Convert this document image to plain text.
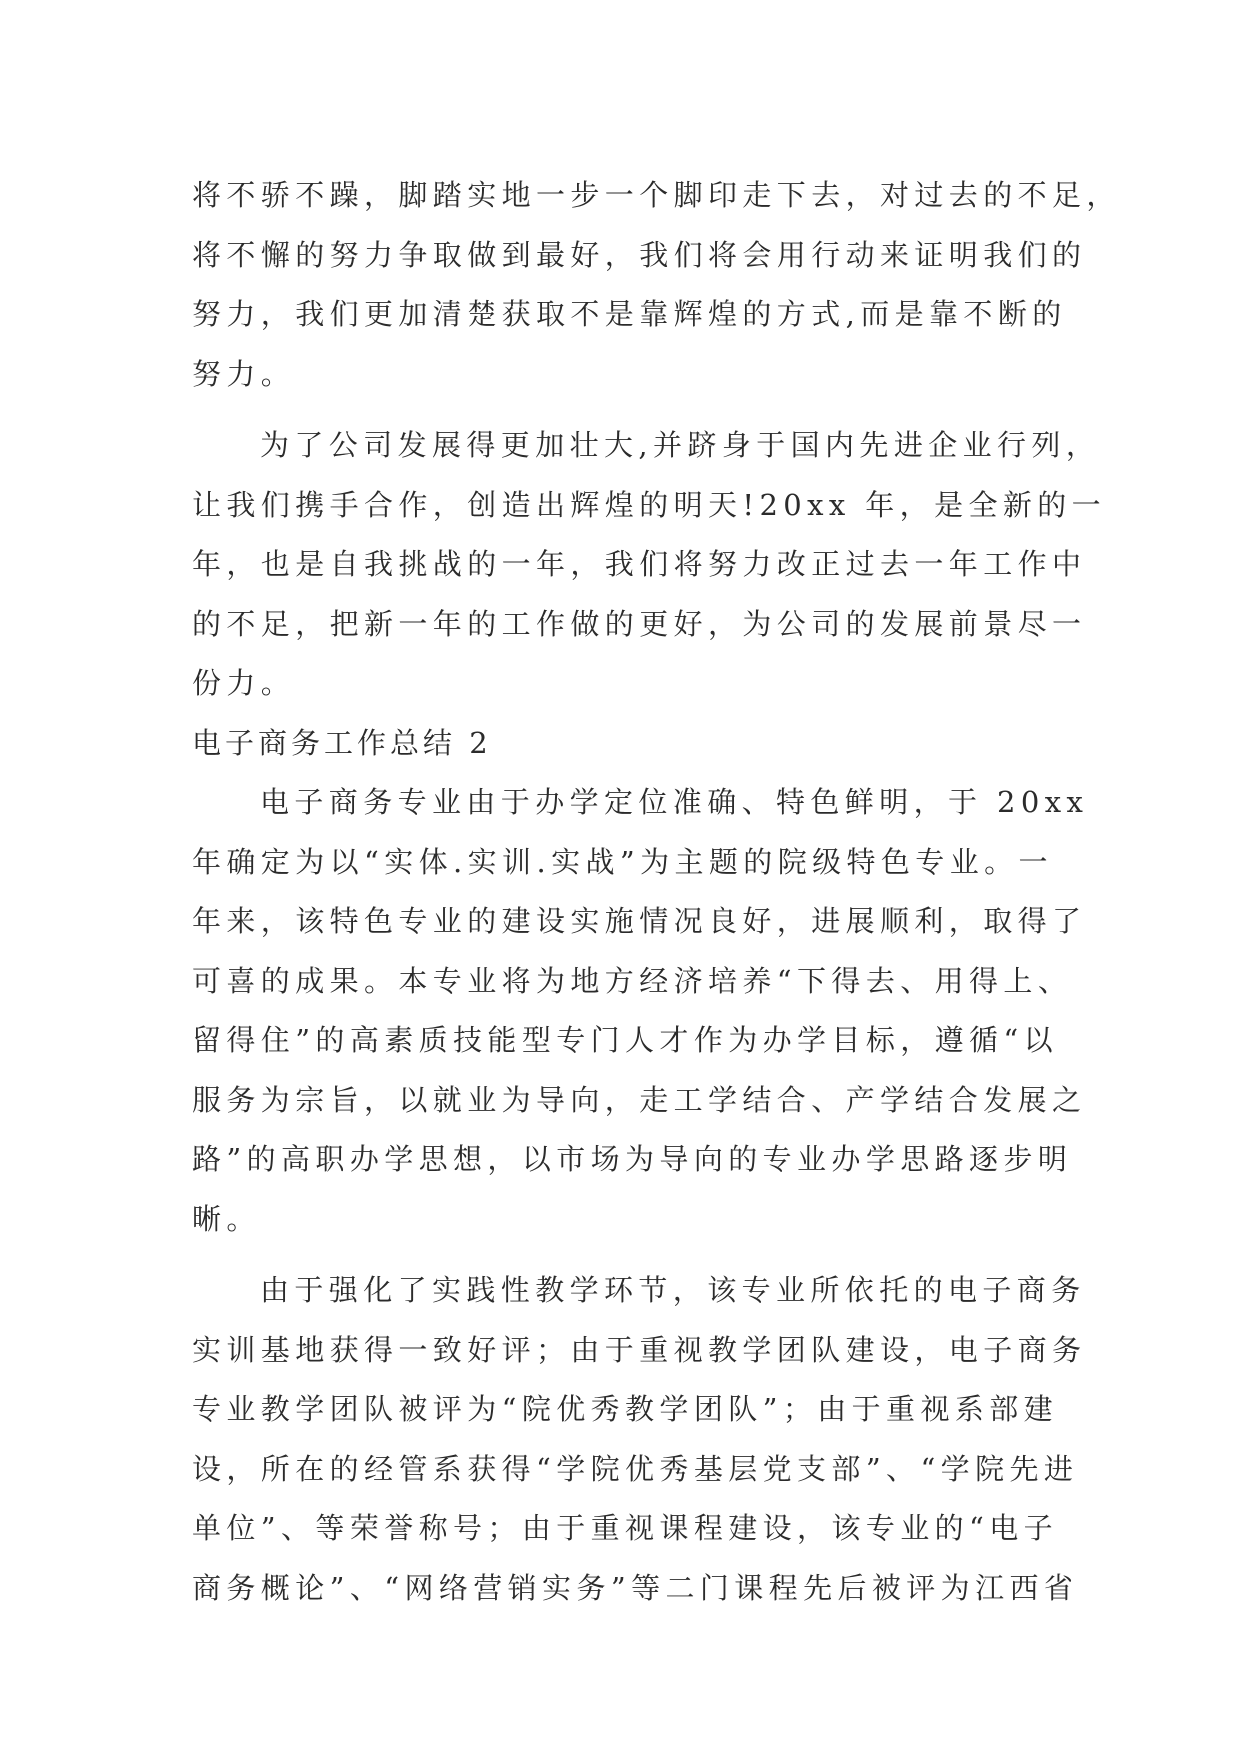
将不骄不躁，脚踏实地一步一个脚印走下去，对过去的不足，
将不懈的努力争取做到最好，我们将会用行动来证明我们的
努力，我们更加清楚获取不是靠辉煌的方式,而是靠不断的
努力。
为了公司发展得更加壮大,并跻身于国内先进企业行列，
让我们携手合作，创造出辉煌的明天!20xx 年，是全新的一
年，也是自我挑战的一年，我们将努力改正过去一年工作中
的不足，把新一年的工作做的更好，为公司的发展前景尽一
份力。
电子商务工作总结 2
电子商务专业由于办学定位准确、特色鲜明，于 20xx
年确定为以“实体.实训.实战”为主题的院级特色专业。一
年来，该特色专业的建设实施情况良好，进展顺利，取得了
可喜的成果。本专业将为地方经济培养“下得去、用得上、
留得住”的高素质技能型专门人才作为办学目标，遵循“以
服务为宗旨，以就业为导向，走工学结合、产学结合发展之
路”的高职办学思想，以市场为导向的专业办学思路逐步明
晰。
由于强化了实践性教学环节，该专业所依托的电子商务
实训基地获得一致好评；由于重视教学团队建设，电子商务
专业教学团队被评为“院优秀教学团队”；由于重视系部建
设，所在的经管系获得“学院优秀基层党支部”、“学院先进
单位”、等荣誉称号；由于重视课程建设，该专业的“电子
商务概论”、“网络营销实务”等二门课程先后被评为江西省
